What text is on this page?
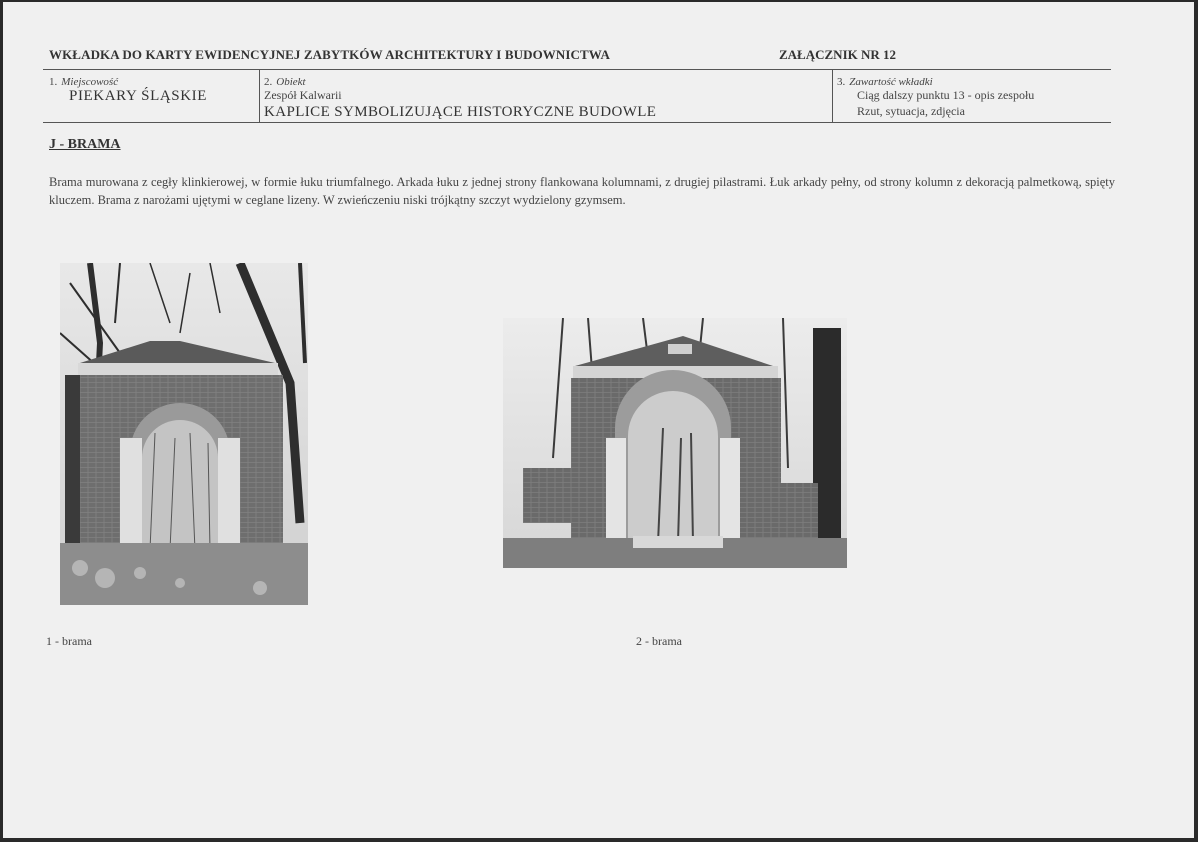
WKŁADKA DO KARTY EWIDENCYJNEJ ZABYTKÓW ARCHITEKTURY I BUDOWNICTWA	ZAŁĄCZNIK NR 12
1. Miejscowość
PIEKARY ŚLĄSKIE
2. Obiekt
Zespół Kalwarii
KAPLICE SYMBOLIZUJĄCE HISTORYCZNE BUDOWLE
3. Zawartość wkładki
Ciąg dalszy punktu 13 - opis zespołu
Rzut, sytuacja, zdjęcia
J - BRAMA
Brama murowana z cegły klinkierowej, w formie łuku triumfalnego. Arkada łuku z jednej strony flankowana kolumnami, z drugiej pilastrami. Łuk arkady pełny, od strony kolumn z dekoracją palmetkową, spięty kluczem. Brama z narożami ujętymi w ceglane lizeny. W zwieńczeniu niski trójkątny szczyt wydzielony gzymsem.
1 - brama	2 - brama
